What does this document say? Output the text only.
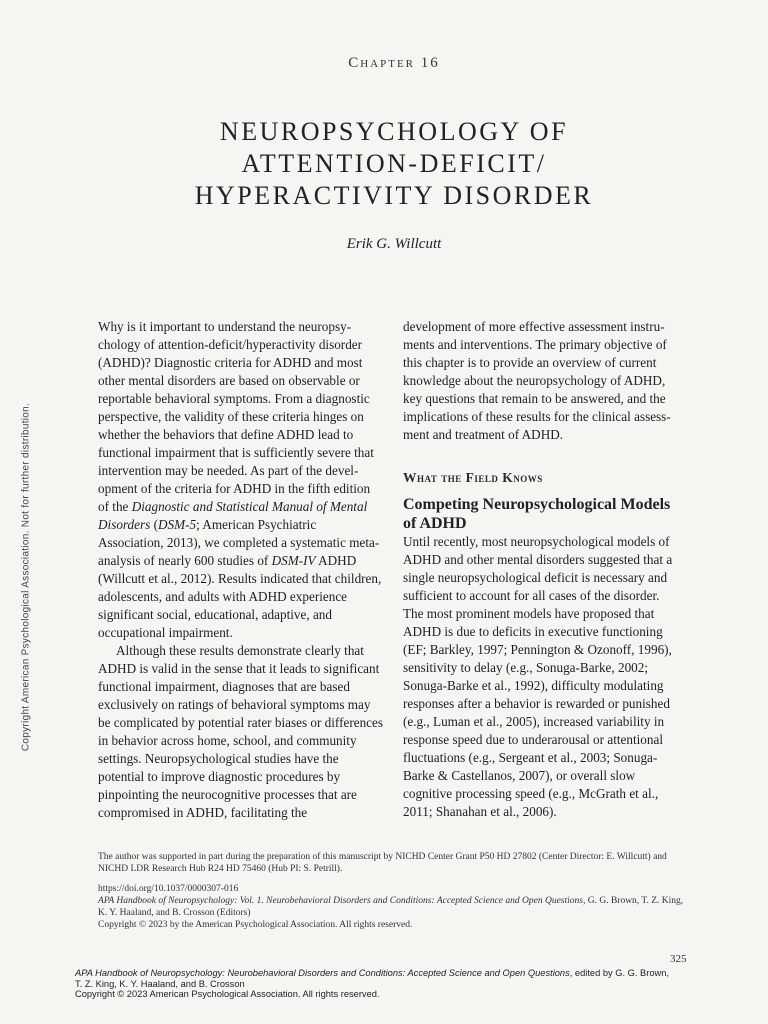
Chapter 16
NEUROPSYCHOLOGY OF
ATTENTION-DEFICIT/
HYPERACTIVITY DISORDER
Erik G. Willcutt
Copyright American Psychological Association. Not for further distribution.

Why is it important to understand the neuropsychology of attention-deficit/hyperactivity disorder (ADHD)? Diagnostic criteria for ADHD and most other mental disorders are based on observable or reportable behavioral symptoms. From a diagnostic perspective, the validity of these criteria hinges on whether the behaviors that define ADHD lead to functional impairment that is sufficiently severe that intervention may be needed. As part of the development of the criteria for ADHD in the fifth edition of the Diagnostic and Statistical Manual of Mental Disorders (DSM-5; American Psychiatric Association, 2013), we completed a systematic meta-analysis of nearly 600 studies of DSM-IV ADHD (Willcutt et al., 2012). Results indicated that children, adolescents, and adults with ADHD experience significant social, educational, adaptive, and occupational impairment.

Although these results demonstrate clearly that ADHD is valid in the sense that it leads to significant functional impairment, diagnoses that are based exclusively on ratings of behavioral symptoms may be complicated by potential rater biases or differences in behavior across home, school, and community settings. Neuropsychological studies have the potential to improve diagnostic procedures by pinpointing the neurocognitive processes that are compromised in ADHD, facilitating the

development of more effective assessment instruments and interventions. The primary objective of this chapter is to provide an overview of current knowledge about the neuropsychology of ADHD, key questions that remain to be answered, and the implications of these results for the clinical assessment and treatment of ADHD.

What the Field Knows

Competing Neuropsychological Models of ADHD

Until recently, most neuropsychological models of ADHD and other mental disorders suggested that a single neuropsychological deficit is necessary and sufficient to account for all cases of the disorder. The most prominent models have proposed that ADHD is due to deficits in executive functioning (EF; Barkley, 1997; Pennington & Ozonoff, 1996), sensitivity to delay (e.g., Sonuga-Barke, 2002; Sonuga-Barke et al., 1992), difficulty modulating responses after a behavior is rewarded or punished (e.g., Luman et al., 2005), increased variability in response speed due to underarousal or attentional fluctuations (e.g., Sergeant et al., 2003; Sonuga-Barke & Castellanos, 2007), or overall slow cognitive processing speed (e.g., McGrath et al., 2011; Shanahan et al., 2006).

The author was supported in part during the preparation of this manuscript by NICHD Center Grant P50 HD 27802 (Center Director: E. Willcutt) and NICHD LDR Research Hub R24 HD 75460 (Hub PI: S. Petrill).

https://doi.org/10.1037/0000307-016

APA Handbook of Neuropsychology: Vol. 1. Neurobehavioral Disorders and Conditions: Accepted Science and Open Questions, G. G. Brown, T. Z. King, K. Y. Haaland, and B. Crosson (Editors)

Copyright © 2023 by the American Psychological Association. All rights reserved.

325

APA Handbook of Neuropsychology: Neurobehavioral Disorders and Conditions: Accepted Science and Open Questions, edited by G. G. Brown, T. Z. King, K. Y. Haaland, and B. Crosson

Copyright © 2023 American Psychological Association. All rights reserved.
